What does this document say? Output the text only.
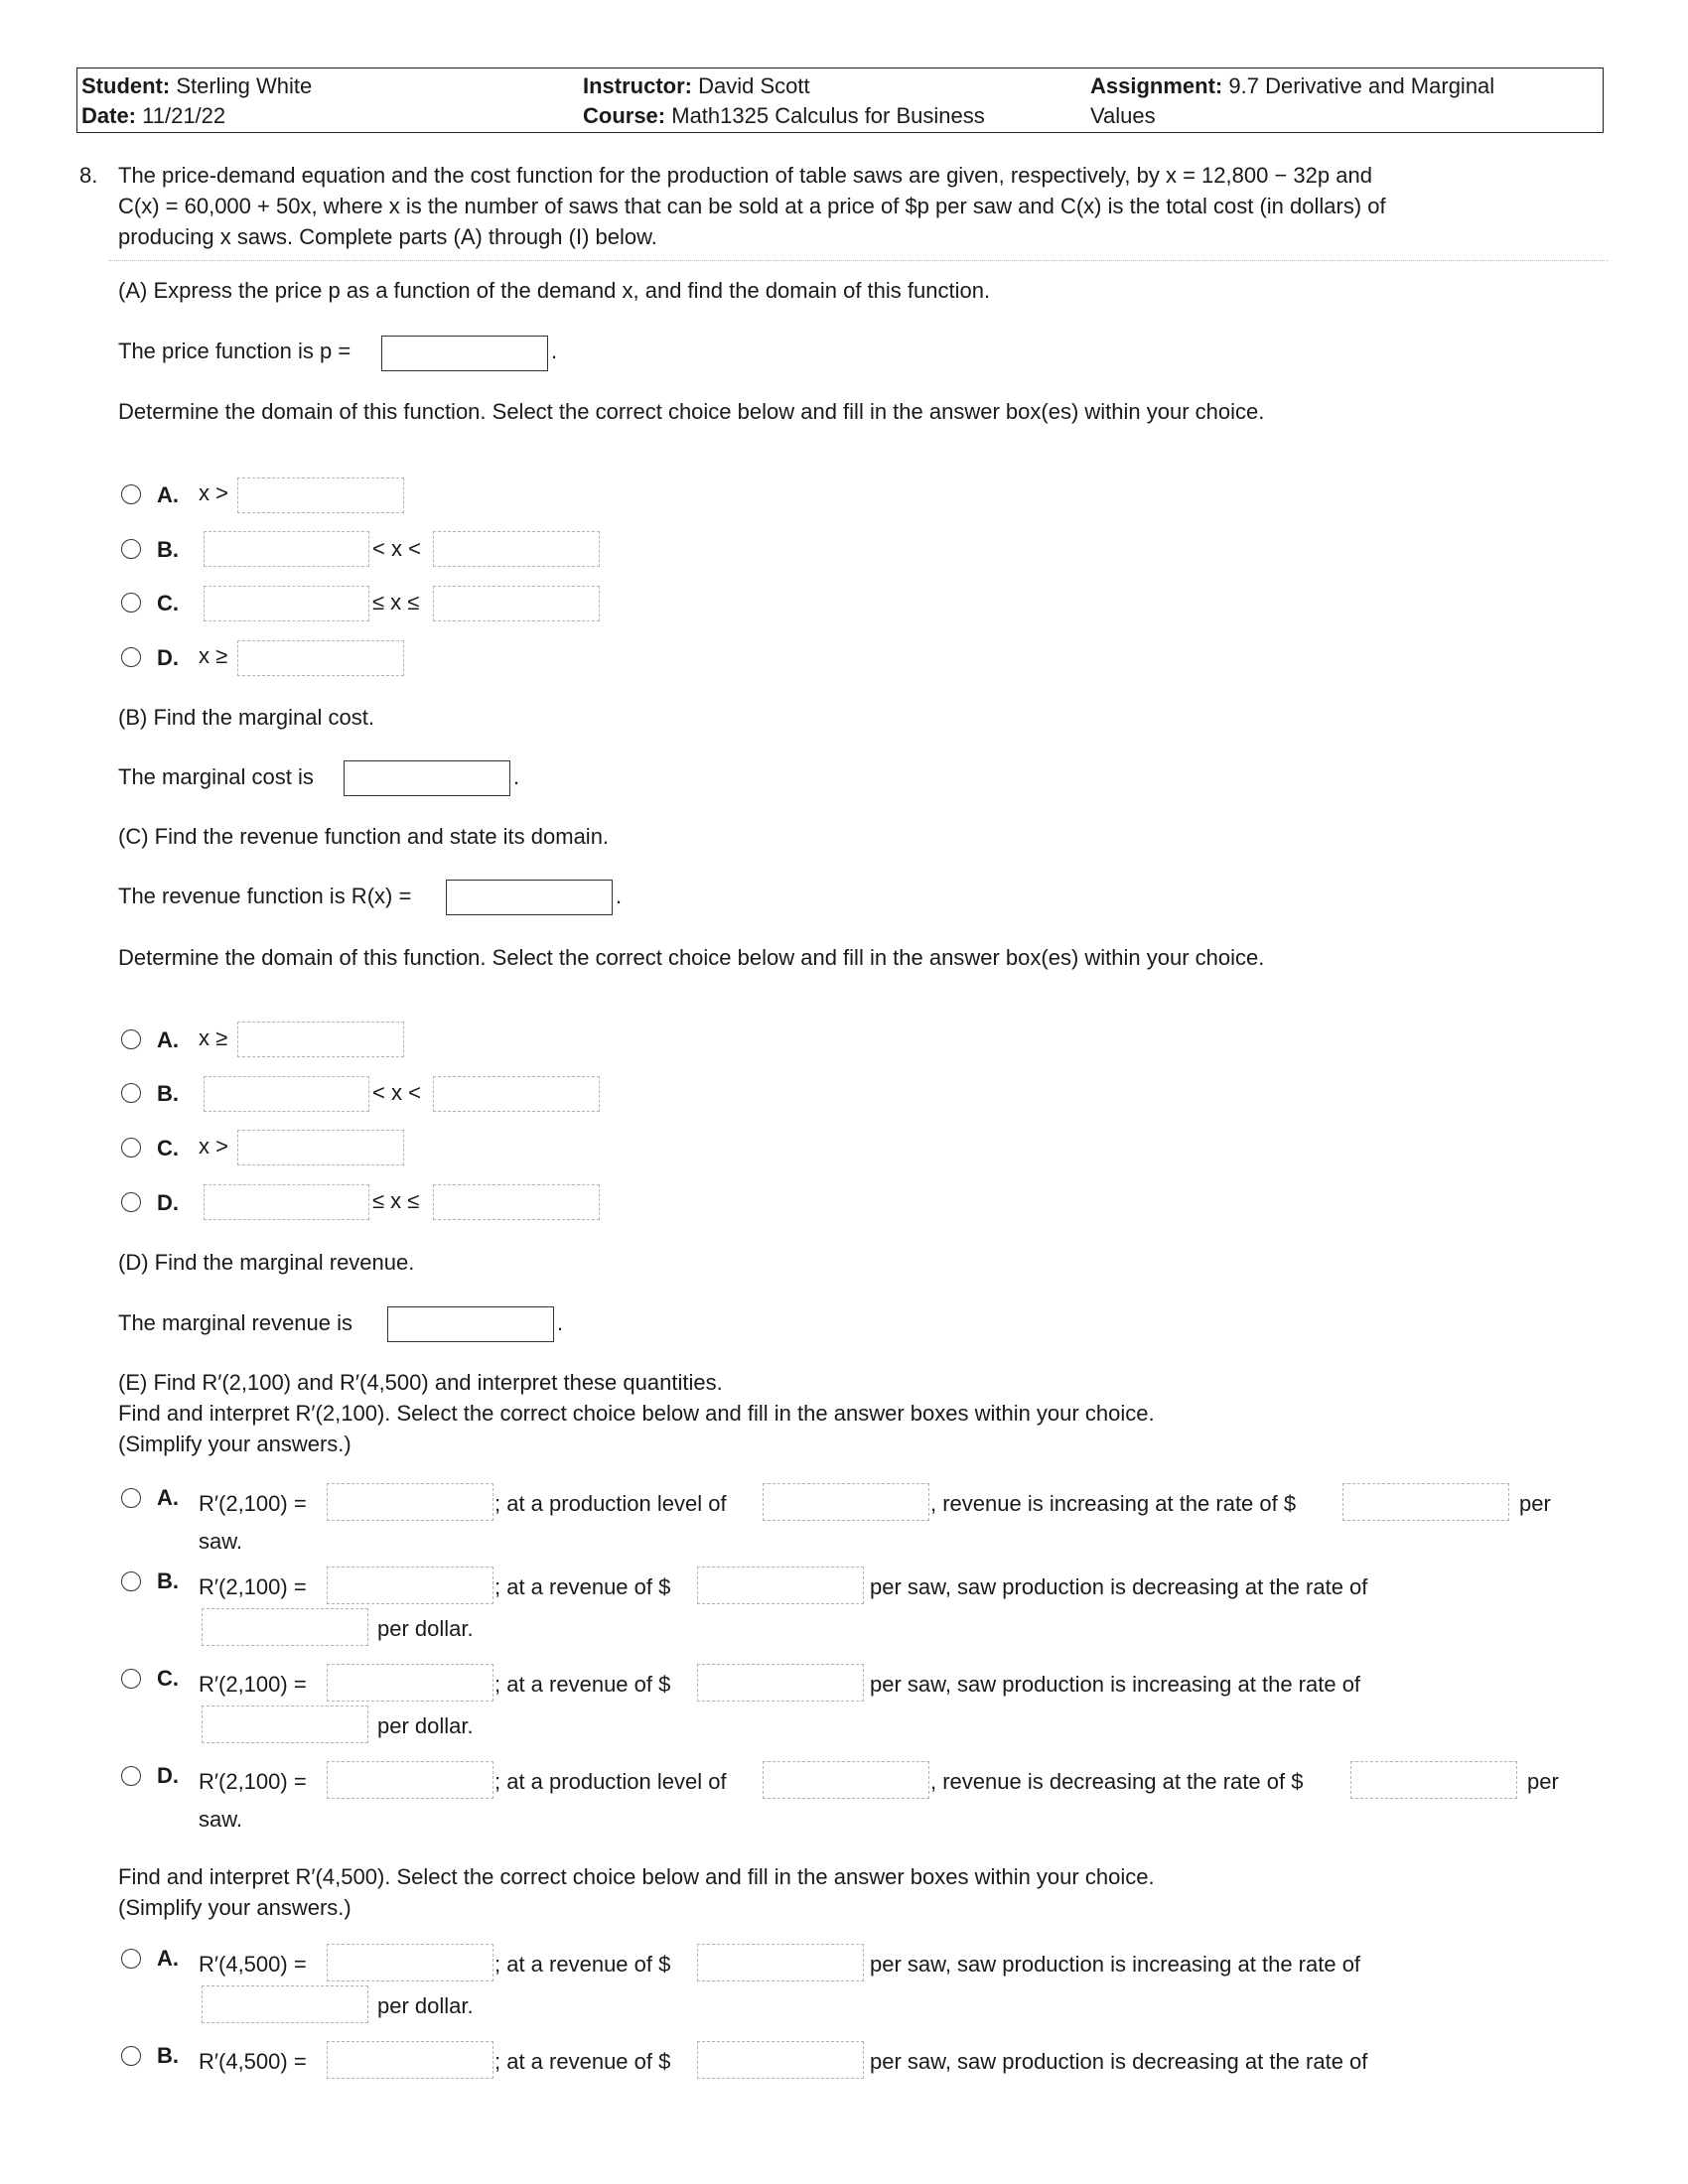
Student: Sterling White
Date: 11/21/22
Instructor: David Scott
Course: Math1325 Calculus for Business
Assignment: 9.7 Derivative and Marginal
Values
8. The price-demand equation and the cost function for the production of table saws are given, respectively, by x = 12,800 − 32p and
C(x) = 60,000 + 50x, where x is the number of saws that can be sold at a price of $p per saw and C(x) is the total cost (in dollars) of
producing x saws. Complete parts (A) through (I) below.
(A) Express the price p as a function of the demand x, and find the domain of this function.
The price function is p =	.
Determine the domain of this function. Select the correct choice below and fill in the answer box(es) within your choice.
A. x >
B.	< x <
C.	≤ x ≤
D. x ≥
(B) Find the marginal cost.
The marginal cost is	.
(C) Find the revenue function and state its domain.
The revenue function is R(x) =	.
Determine the domain of this function. Select the correct choice below and fill in the answer box(es) within your choice.
A. x ≥
B.	< x <
C. x >
D.	≤ x ≤
(D) Find the marginal revenue.
The marginal revenue is	.
(E) Find R′(2,100) and R′(4,500) and interpret these quantities.
Find and interpret R′(2,100). Select the correct choice below and fill in the answer boxes within your choice.
(Simplify your answers.)
A. R′(2,100) =	; at a production level of	, revenue is increasing at the rate of $	per
saw.
B. R′(2,100) =	; at a revenue of $	per saw, saw production is decreasing at the rate of
per dollar.
C. R′(2,100) =	; at a revenue of $	per saw, saw production is increasing at the rate of
per dollar.
D. R′(2,100) =	; at a production level of	, revenue is decreasing at the rate of $	per
saw.
Find and interpret R′(4,500). Select the correct choice below and fill in the answer boxes within your choice.
(Simplify your answers.)
A. R′(4,500) =	; at a revenue of $	per saw, saw production is increasing at the rate of
per dollar.
B. R′(4,500) =	; at a revenue of $	per saw, saw production is decreasing at the rate of
